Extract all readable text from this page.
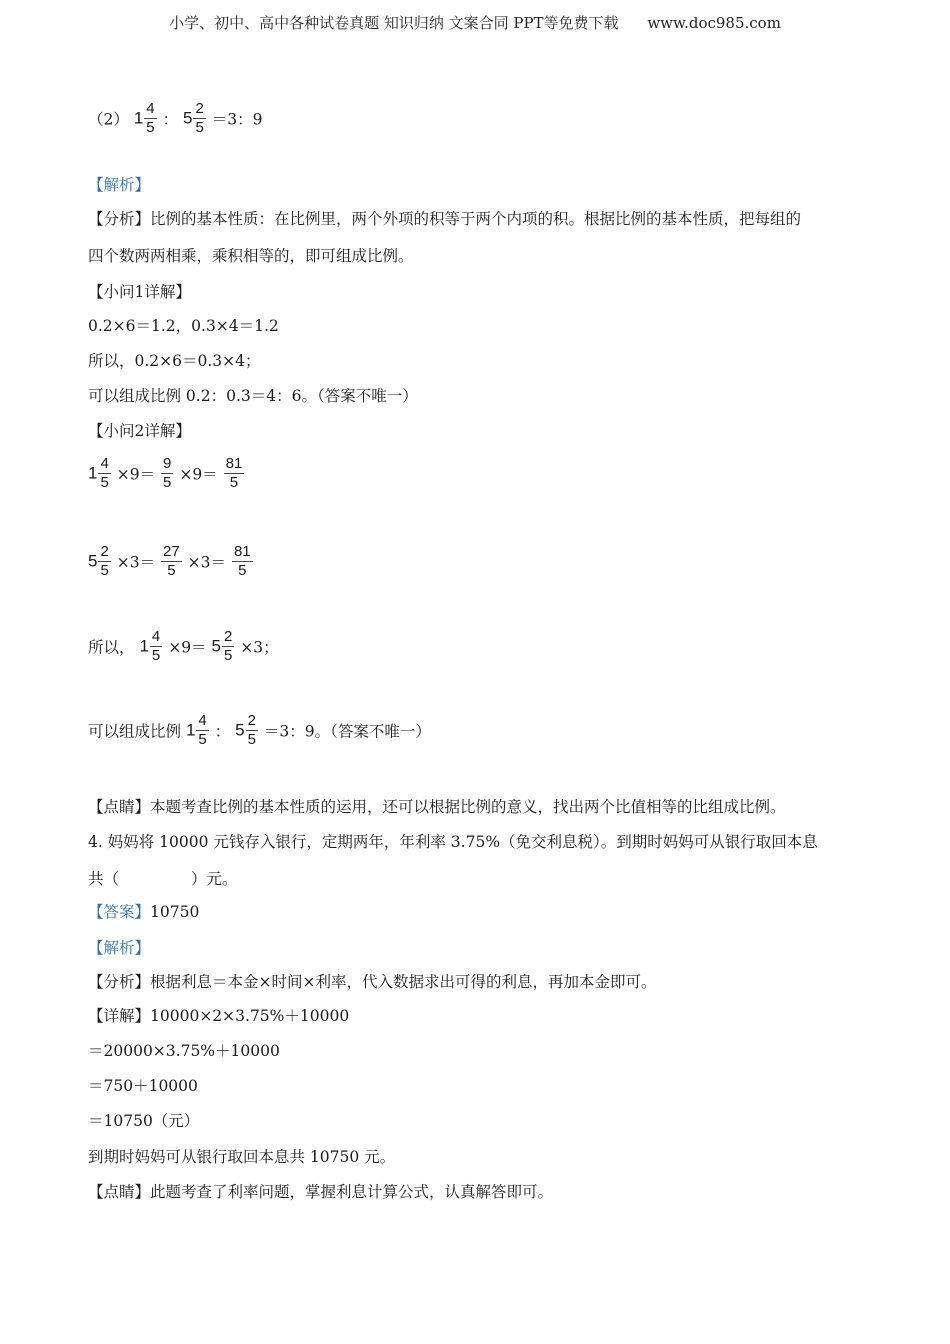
小学、初中、高中各种试卷真题 知识归纳 文案合同 PPT等免费下载 www.doc985.com
（2） $1 \frac{4}{5}$ ： $5 \frac{2}{5} =3$：9
【解析】
【分析】比例的基本性质：在比例里，两个外项的积等于两个内项的积。根据比例的基本性质，把每组的
四个数两两相乘，乘积相等的，即可组成比例。
【小问1详解】
0.2×6＝1.2，0.3×4＝1.2
所以，0.2×6＝0.3×4；
可以组成比例 0.2：0.3＝4：6。（答案不唯一）
【小问2详解】
$1 \frac{4}{5} \times 9= \frac{9}{5} \times 9= \frac{81}{5}$
$5 \frac{2}{5} \times 3= \frac{27}{5} \times 3= \frac{81}{5}$
所以， $1 \frac{4}{5} \times 9= 5 \frac{2}{5} \times 3$；
可以组成比例 $1 \frac{4}{5}$ ： $5 \frac{2}{5} =3$：9。（答案不唯一）
【点睛】本题考查比例的基本性质的运用，还可以根据比例的意义，找出两个比值相等的比组成比例。
4. 妈妈将 10000 元钱存入银行，定期两年，年利率 3.75%（免交利息税）。到期时妈妈可从银行取回本息
共（	）元。
【答案】10750
【解析】
【分析】根据利息＝本金×时间×利率，代入数据求出可得的利息，再加本金即可。
【详解】10000×2×3.75%＋10000
＝20000×3.75%＋10000
＝750＋10000
＝10750（元）
到期时妈妈可从银行取回本息共 10750 元。
【点睛】此题考查了利率问题，掌握利息计算公式，认真解答即可。
